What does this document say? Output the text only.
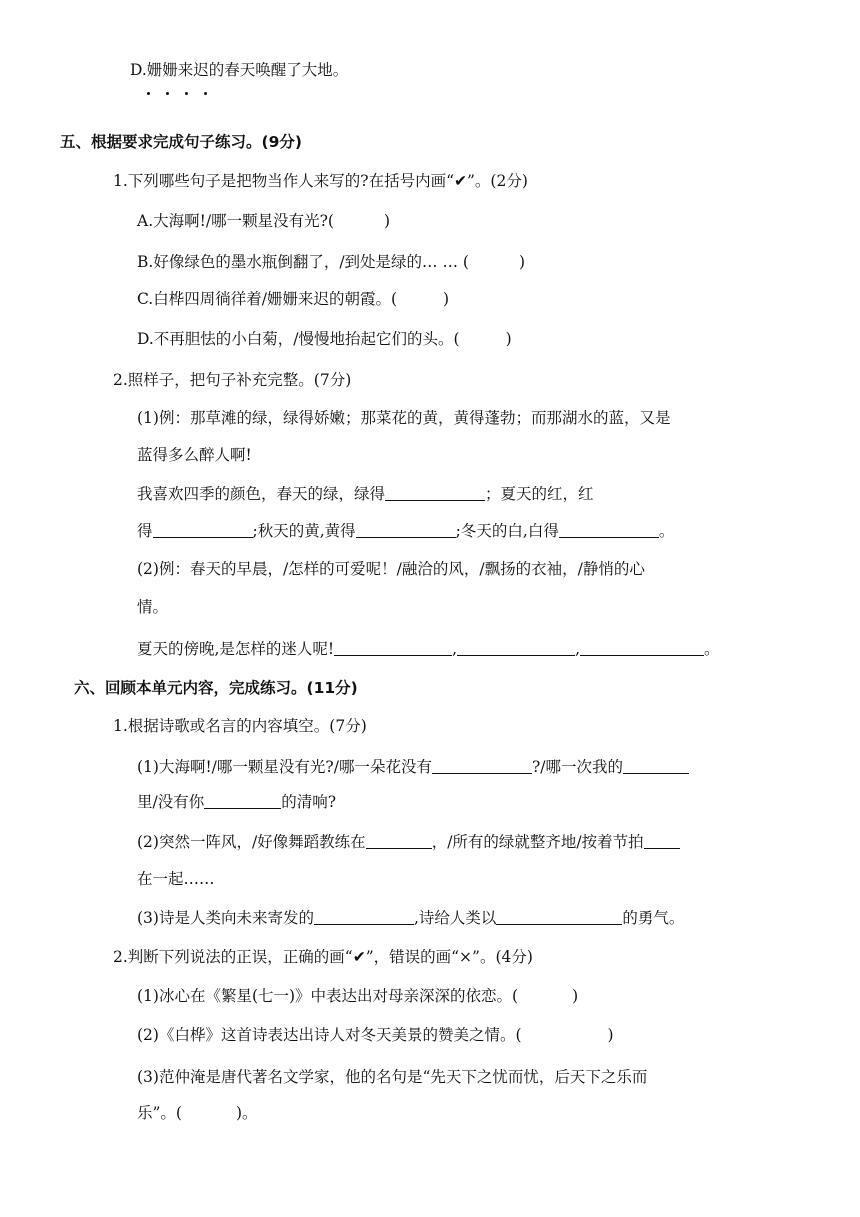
D.姗姗来迟的春天唤醒了大地。
五、根据要求完成句子练习。(9分)
1.下列哪些句子是把物当作人来写的?在括号内画“✔”。(2分)
A.大海啊!/哪一颗星没有光?(	)
B.好像绿色的墨水瓶倒翻了，/到处是绿的… … (	)
C.白桦四周徜徉着/姗姗来迟的朝霞。(	)
D.不再胆怯的小白菊，/慢慢地抬起它们的头。(	)
2.照样子，把句子补充完整。(7分)
(1)例：那草滩的绿，绿得娇嫩；那菜花的黄，黄得蓬勃；而那湖水的蓝，又是
蓝得多么醉人啊!
我喜欢四季的颜色，春天的绿，绿得	；夏天的红，红
得	;秋天的黄,黄得	;冬天的白,白得	。
(2)例：春天的早晨，/怎样的可爱呢！/融洽的风，/飘扬的衣袖，/静悄的心
情。
夏天的傍晚,是怎样的迷人呢!	,	,	。
六、回顾本单元内容，完成练习。(11分)
1.根据诗歌或名言的内容填空。(7分)
(1)大海啊!/哪一颗星没有光?/哪一朵花没有	?/哪一次我的
里/没有你	的清响?
(2)突然一阵风，/好像舞蹈教练在	，/所有的绿就整齐地/按着节拍
在一起……
(3)诗是人类向未来寄发的	,诗给人类以	的勇气。
2.判断下列说法的正误，正确的画“✔”，错误的画“×”。(4分)
(1)冰心在《繁星(七一)》中表达出对母亲深深的依恋。(	)
(2)《白桦》这首诗表达出诗人对冬天美景的赞美之情。(	)
(3)范仲淹是唐代著名文学家，他的名句是“先天下之忧而忧，后天下之乐而
乐”。(	)。
